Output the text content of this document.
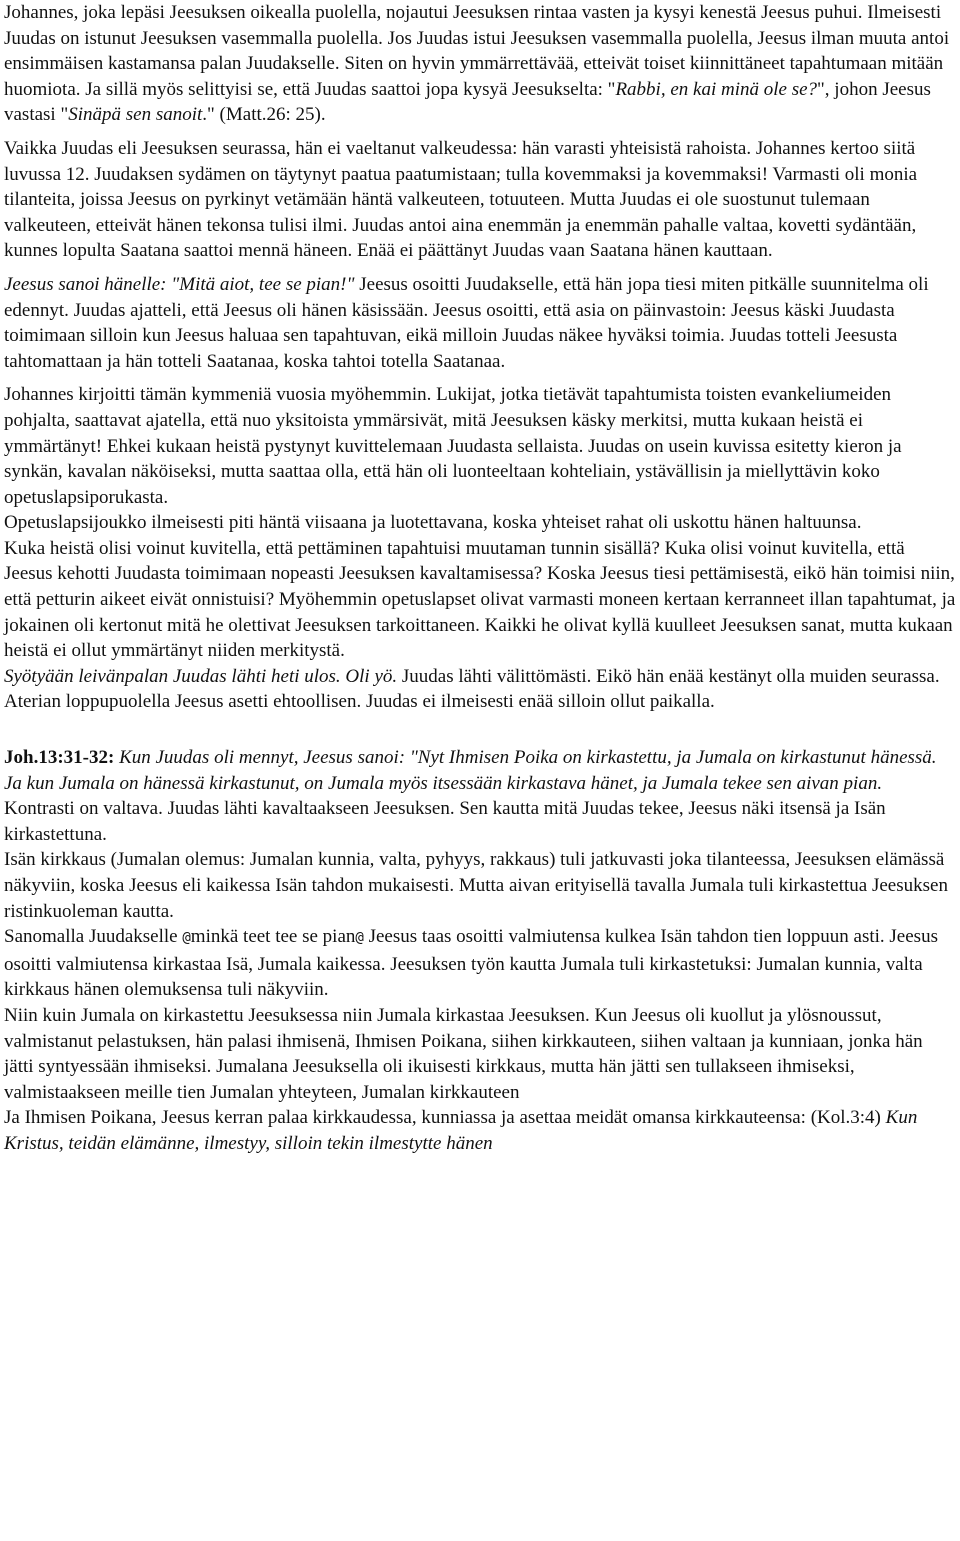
Johannes, joka lepäsi Jeesuksen oikealla puolella, nojautui Jeesuksen rintaa vasten ja kysyi kenestä Jeesus puhui. Ilmeisesti Juudas on istunut Jeesuksen vasemmalla puolella. Jos Juudas istui Jeesuksen vasemmalla puolella, Jeesus ilman muuta antoi ensimmäisen kastamansa palan Juudakselle. Siten on hyvin ymmärrettävää, etteivät toiset kiinnittäneet tapahtumaan mitään huomiota. Ja sillä myös selittyisi se, että Juudas saattoi jopa kysyä Jeesukselta: "Rabbi, en kai minä ole se?", johon Jeesus vastasi "Sinäpä sen sanoit." (Matt.26: 25).

Vaikka Juudas eli Jeesuksen seurassa, hän ei vaeltanut valkeudessa: hän varasti yhteisistä rahoista. Johannes kertoo siitä luvussa 12. Juudaksen sydämen on täytynyt paatua paatumistaan; tulla kovemmaksi ja kovemmaksi! Varmasti oli monia tilanteita, joissa Jeesus on pyrkinyt vetämään häntä valkeuteen, totuuteen. Mutta Juudas ei ole suostunut tulemaan valkeuteen, etteivät hänen tekonsa tulisi ilmi. Juudas antoi aina enemmän ja enemmän pahalle valtaa, kovetti sydäntään, kunnes lopulta Saatana saattoi mennä häneen. Enää ei päättänyt Juudas vaan Saatana hänen kauttaan.

Jeesus sanoi hänelle: "Mitä aiot, tee se pian!" Jeesus osoitti Juudakselle, että hän jopa tiesi miten pitkälle suunnitelma oli edennyt. Juudas ajatteli, että Jeesus oli hänen käsissään. Jeesus osoitti, että asia on päinvastoin: Jeesus käski Juudasta toimimaan silloin kun Jeesus haluaa sen tapahtuvan, eikä milloin Juudas näkee hyväksi toimia. Juudas totteli Jeesusta tahtomattaan ja hän totteli Saatanaa, koska tahtoi totella Saatanaa.

Johannes kirjoitti tämän kymmeniä vuosia myöhemmin. Lukijat, jotka tietävät tapahtumista toisten evankeliumeiden pohjalta, saattavat ajatella, että nuo yksitoista ymmärsivät, mitä Jeesuksen käsky merkitsi, mutta kukaan heistä ei ymmärtänyt! Ehkei kukaan heistä pystynyt kuvittelemaan Juudasta sellaista. Juudas on usein kuvissa esitetty kieron ja synkän, kavalan näköiseksi, mutta saattaa olla, että hän oli luonteeltaan kohteliain, ystävällisin ja miellyttävin koko opetuslapsiporukasta.

Opetuslapsijoukko ilmeisesti piti häntä viisaana ja luotettavana, koska yhteiset rahat oli uskottu hänen haltuunsa.

Kuka heistä olisi voinut kuvitella, että pettäminen tapahtuisi muutaman tunnin sisällä? Kuka olisi voinut kuvitella, että Jeesus kehotti Juudasta toimimaan nopeasti Jeesuksen kavaltamisessa? Koska Jeesus tiesi pettämisestä, eikö hän toimisi niin, että petturin aikeet eivät onnistuisi? Myöhemmin opetuslapset olivat varmasti moneen kertaan kerranneet illan tapahtumat, ja jokainen oli kertonut mitä he olettivat Jeesuksen tarkoittaneen. Kaikki he olivat kyllä kuulleet Jeesuksen sanat, mutta kukaan heistä ei ollut ymmärtänyt niiden merkitystä.

Syötyään leivänpalan Juudas lähti heti ulos. Oli yö. Juudas lähti välittömästi. Eikö hän enää kestänyt olla muiden seurassa. Aterian loppupuolella Jeesus asetti ehtoollisen. Juudas ei ilmeisesti enää silloin ollut paikalla.

Joh.13:31-32: Kun Juudas oli mennyt, Jeesus sanoi: "Nyt Ihmisen Poika on kirkastettu, ja Jumala on kirkastunut hänessä. Ja kun Jumala on hänessä kirkastunut, on Jumala myös itsessään kirkastava hänet, ja Jumala tekee sen aivan pian.

Kontrasti on valtava. Juudas lähti kavaltaakseen Jeesuksen. Sen kautta mitä Juudas tekee, Jeesus näki itsensä ja Isän kirkastettuna.

Isän kirkkaus (Jumalan olemus: Jumalan kunnia, valta, pyhyys, rakkaus) tuli jatkuvasti joka tilanteessa, Jeesuksen elämässä näkyviin, koska Jeesus eli kaikessa Isän tahdon mukaisesti. Mutta aivan erityisellä tavalla Jumala tuli kirkastettua Jeesuksen ristinkuoleman kautta.

Sanomalla Juudakselle @minkä teet tee se pian@ Jeesus taas osoitti valmiutensa kulkea Isän tahdon tien loppuun asti. Jeesus osoitti valmiutensa kirkastaa Isä, Jumala kaikessa. Jeesuksen työn kautta Jumala tuli kirkastetuksi: Jumalan kunnia, valta kirkkaus hänen olemuksensa tuli näkyviin.

Niin kuin Jumala on kirkastettu Jeesuksessa niin Jumala kirkastaa Jeesuksen. Kun Jeesus oli kuollut ja ylösnoussut, valmistanut pelastuksen, hän palasi ihmisenä, Ihmisen Poikana, siihen kirkkauteen, siihen valtaan ja kunniaan, jonka hän jätti syntyessään ihmiseksi. Jumalana Jeesuksella oli ikuisesti kirkkaus, mutta hän jätti sen tullakseen ihmiseksi, valmistaakseen meille tien Jumalan yhteyteen, Jumalan kirkkauteen

Ja Ihmisen Poikana, Jeesus kerran palaa kirkkaudessa, kunniassa ja asettaa meidät omansa kirkkauteensa: (Kol.3:4) Kun Kristus, teidän elämänne, ilmestyy, silloin tekin ilmestytte hänen
